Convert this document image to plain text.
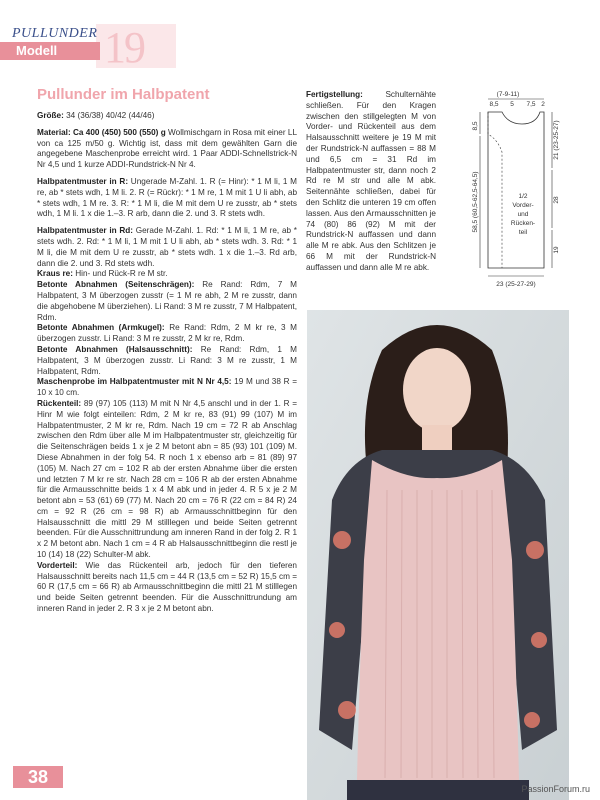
19
PULLUNDER
Modell
Pullunder im Halbpatent

Größe: 34 (36/38) 40/42 (44/46)

Material: Ca 400 (450) 500 (550) g Wollmischgarn in Rosa mit einer LL von ca 125 m/50 g. Wichtig ist, dass mit dem gewählten Garn die angegebene Maschenprobe erreicht wird. 1 Paar ADDI-Schnellstrick-N Nr 4,5 und 1 kurze ADDI-Rundstrick-N Nr 4.

Halbpatentmuster in R: Ungerade M-Zahl. 1. R (= Hinr): * 1 M li, 1 M re, ab * stets wdh, 1 M li. 2. R (= Rückr): * 1 M re, 1 M mit 1 U li abh, ab * stets wdh, 1 M re. 3. R: * 1 M li, die M mit dem U re zusstr, ab * stets wdh, 1 M li. 1 x die 1.–3. R arb, dann die 2. und 3. R stets wdh.

Halbpatentmuster in Rd: Gerade M-Zahl. 1. Rd: * 1 M li, 1 M re, ab * stets wdh. 2. Rd: * 1 M li, 1 M mit 1 U li abh, ab * stets wdh. 3. Rd: * 1 M li, die M mit dem U re zusstr, ab * stets wdh. 1 x die 1.–3. Rd arb, dann die 2. und 3. Rd stets wdh.

Kraus re: Hin- und Rück-R re M str.

Betonte Abnahmen (Seitenschrägen): Re Rand: Rdm, 7 M Halbpatent, 3 M überzogen zusstr (= 1 M re abh, 2 M re zusstr, dann die abgehobene M überziehen). Li Rand: 3 M re zusstr, 7 M Halbpatent, Rdm.

Betonte Abnahmen (Armkugel): Re Rand: Rdm, 2 M kr re, 3 M überzogen zusstr. Li Rand: 3 M re zusstr, 2 M kr re, Rdm.

Betonte Abnahmen (Halsausschnitt): Re Rand: Rdm, 1 M Halbpatent, 3 M überzogen zusstr. Li Rand: 3 M re zusstr, 1 M Halbpatent, Rdm.

Maschenprobe im Halbpatentmuster mit N Nr 4,5: 19 M und 38 R = 10 x 10 cm.

Rückenteil: 89 (97) 105 (113) M mit N Nr 4,5 anschl und in der 1. R = Hinr M wie folgt einteilen: Rdm, 2 M kr re, 83 (91) 99 (107) M im Halbpatentmuster, 2 M kr re, Rdm. Nach 19 cm = 72 R ab Anschlag zwischen den Rdm über alle M im Halbpatentmuster str, gleichzeitig für die Seitenschrägen beids 1 x je 2 M betont abn = 85 (93) 101 (109) M. Diese Abnahmen in der folg 54. R noch 1 x ebenso arb = 81 (89) 97 (105) M. Nach 27 cm = 102 R ab der ersten Abnahme über die ersten und letzten 7 M kr re str. Nach 28 cm = 106 R ab der ersten Abnahme für die Armausschnitte beids 1 x 4 M abk und in jeder 4. R 5 x je 2 M betont abn = 53 (61) 69 (77) M. Nach 20 cm = 76 R (22 cm = 84 R) 24 cm = 92 R (26 cm = 98 R) ab Armausschnittbeginn für den Halsausschnitt die mittl 29 M stilllegen und beide Seiten getrennt beenden. Für die Ausschnittrundung am inneren Rand in der folg 2. R 1 x 2 M betont abn. Nach 1 cm = 4 R ab Halsausschnittbeginn die restl je 10 (14) 18 (22) Schulter-M abk.

Vorderteil: Wie das Rückenteil arb, jedoch für den tieferen Halsausschnitt bereits nach 11,5 cm = 44 R (13,5 cm = 52 R) 15,5 cm = 60 R (17,5 cm = 66 R) ab Armausschnittbeginn die mittl 21 M stilllegen und beide Seiten getrennt beenden. Für die Ausschnittrundung am inneren Rand in jeder 2. R 3 x je 2 M betont abn.

Fertigstellung: Schulternähte schließen. Für den Kragen zwischen den stillgelegten M von Vorder- und Rückenteil aus dem Halsausschnitt weitere je 19 M mit der Rundstrick-N auffassen = 88 M und 6,5 cm = 31 Rd im Halbpatentmuster str, dann noch 2 Rd re M str und alle M abk. Seitennähte schließen, dabei für den Schlitz die unteren 19 cm offen lassen. Aus den Armausschnitten je 74 (80) 86 (92) M mit der Rundstrick-N auffassen und dann alle M re abk. Aus den Schlitzen je 66 M mit der Rundstrick-N auffassen und dann alle M re abk.

(7-9-11)
8,5 5 7,5 2
8,5
58,5 (60,5-62,5-64,5)
21 (23-25-27)
28
19
1/2
Vorder-
und
Rücken-
teil
23 (25-27-29)
38
PassionForum.ru
